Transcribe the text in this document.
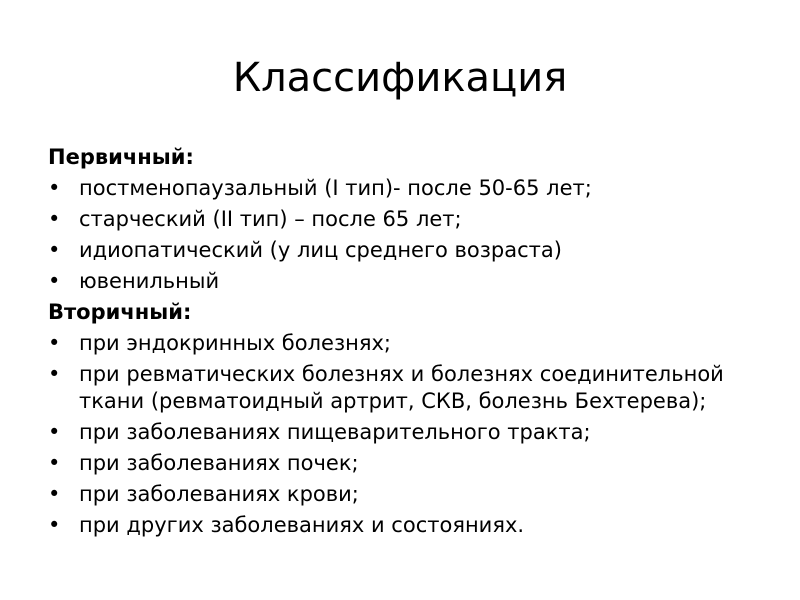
Классификация
Первичный:
• постменопаузальный (I тип)- после 50-65 лет;
• старческий (II тип) – после 65 лет;
• идиопатический (у лиц среднего возраста)
• ювенильный
Вторичный:
• при эндокринных болезнях;
• при ревматических болезнях и болезнях соединительной ткани (ревматоидный артрит, СКВ, болезнь Бехтерева);
• при заболеваниях пищеварительного тракта;
• при заболеваниях почек;
• при заболеваниях крови;
• при других заболеваниях и состояниях.
